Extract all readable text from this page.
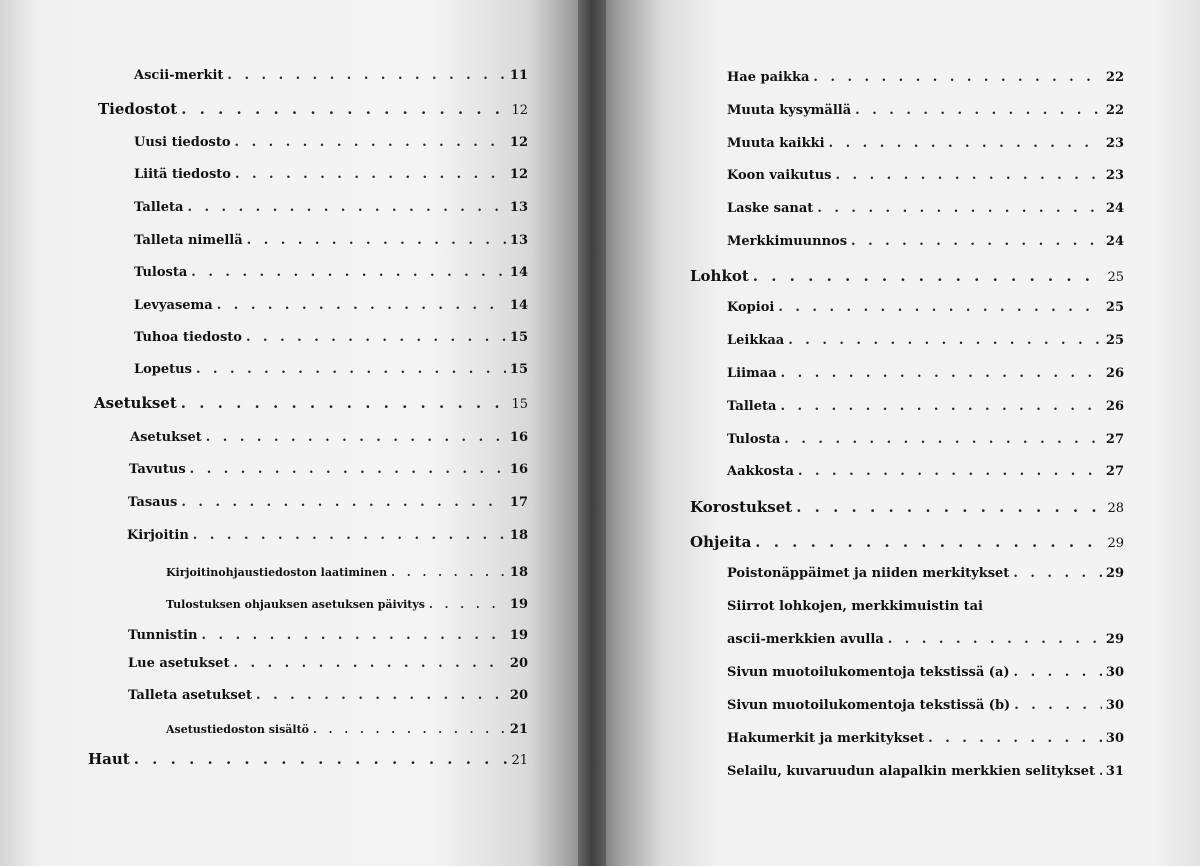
Ascii-merkit . . .	11
Tiedostot . . .	12
Uusi tiedosto . . .	12
Liitä tiedosto . . .	12
Talleta . . .	13
Talleta nimellä . . .	13
Tulosta . . .	14
Levyasema . . .	14
Tuhoa tiedosto . . .	15
Lopetus . . .	15
Asetukset . . .	15
Asetukset . . .	16
Tavutus . . .	16
Tasaus . . .	17
Kirjoitin . . .	18
Kirjoitinohjaustiedoston laatiminen . . .	18
Tulostuksen ohjauksen asetuksen päivitys . . .	19
Tunnistin . . .	19
Lue asetukset . . .	20
Talleta asetukset . . .	20
Asetustiedoston sisältö . . .	21
Haut . . .	21
Hae paikka . . .	22
Muuta kysymällä . . .	22
Muuta kaikki . . .	23
Koon vaikutus . . .	23
Laske sanat . . .	24
Merkkimuunnos . . .	24
Lohkot . . .	25
Kopioi . . .	25
Leikkaa . . .	25
Liimaa . . .	26
Talleta . . .	26
Tulosta . . .	27
Aakkosta . . .	27
Korostukset . . .	28
Ohjeita . . .	29
Poistonäppäimet ja niiden merkitykset . . .	29
Siirrot lohkojen, merkkimuistin tai
ascii-merkkien avulla . . .	29
Sivun muotoilukomentoja tekstissä (a) . . .	30
Sivun muotoilukomentoja tekstissä (b) . . .	30
Hakumerkit ja merkitykset . . .	30
Selailu, kuvaruudun alapalkin merkkien selitykset . . . 31
